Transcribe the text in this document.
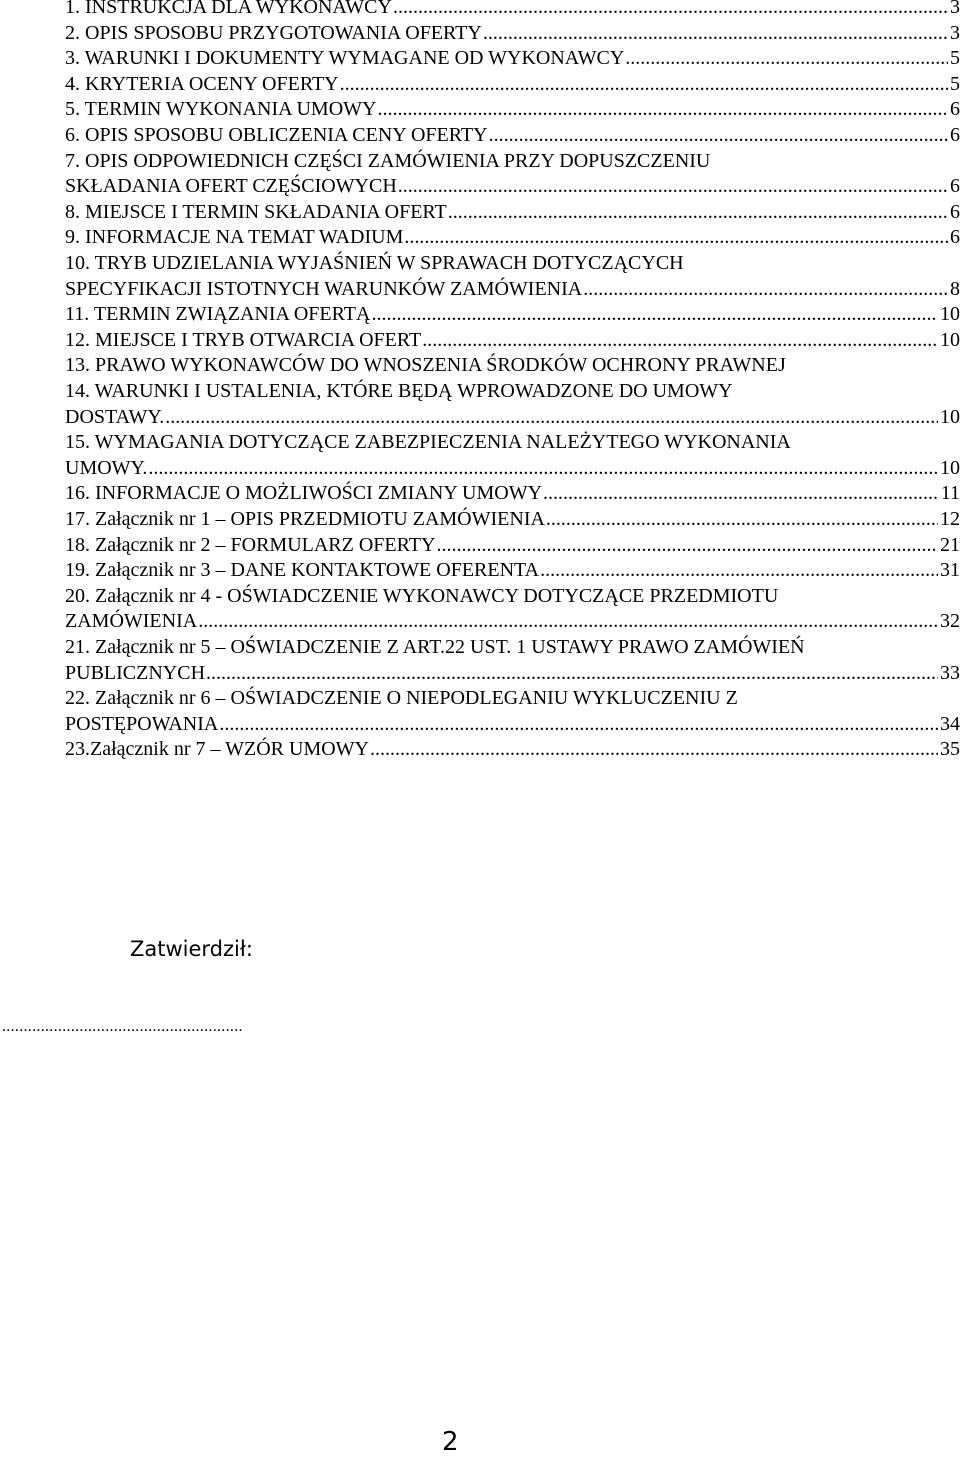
1. INSTRUKCJA DLA WYKONAWCY .....	3
2. OPIS SPOSOBU PRZYGOTOWANIA OFERTY .....	3
3. WARUNKI I DOKUMENTY WYMAGANE OD WYKONAWCY .....	5
4. KRYTERIA OCENY OFERTY .....	5
5. TERMIN WYKONANIA UMOWY .....	6
6. OPIS SPOSOBU OBLICZENIA CENY OFERTY .....	6
7. OPIS ODPOWIEDNICH CZĘŚCI ZAMÓWIENIA PRZY DOPUSZCZENIU
SKŁADANIA OFERT CZĘŚCIOWYCH .....	6
8. MIEJSCE I TERMIN SKŁADANIA OFERT .....	6
9. INFORMACJE NA TEMAT WADIUM .....	6
10. TRYB UDZIELANIA WYJAŚNIEŃ W SPRAWACH DOTYCZĄCYCH
SPECYFIKACJI ISTOTNYCH WARUNKÓW ZAMÓWIENIA .....	8
11. TERMIN ZWIĄZANIA OFERTĄ .....	10
12. MIEJSCE I TRYB OTWARCIA OFERT .....	10
13. PRAWO WYKONAWCÓW DO WNOSZENIA ŚRODKÓW OCHRONY PRAWNEJ
14. WARUNKI I USTALENIA, KTÓRE BĘDĄ WPROWADZONE DO UMOWY
DOSTAWY. .....	10
15. WYMAGANIA DOTYCZĄCE ZABEZPIECZENIA NALEŻYTEGO WYKONANIA
UMOWY. .....	10
16. INFORMACJE O MOŻLIWOŚCI ZMIANY UMOWY .....	11
17. Załącznik nr 1 – OPIS PRZEDMIOTU ZAMÓWIENIA .....	12
18. Załącznik nr 2 – FORMULARZ OFERTY .....	21
19. Załącznik nr 3 – DANE KONTAKTOWE OFERENTA .....	31
20. Załącznik nr 4 - OŚWIADCZENIE WYKONAWCY DOTYCZĄCE PRZEDMIOTU
ZAMÓWIENIA .....	32
21. Załącznik nr 5 – OŚWIADCZENIE Z ART.22 UST. 1 USTAWY PRAWO ZAMÓWIEŃ
PUBLICZNYCH .....	33
22. Załącznik nr 6 – OŚWIADCZENIE O NIEPODLEGANIU WYKLUCZENIU Z
POSTĘPOWANIA .....	34
23.Załącznik nr 7 – WZÓR UMOWY .....	35
Zatwierdził:
........................................................
2
